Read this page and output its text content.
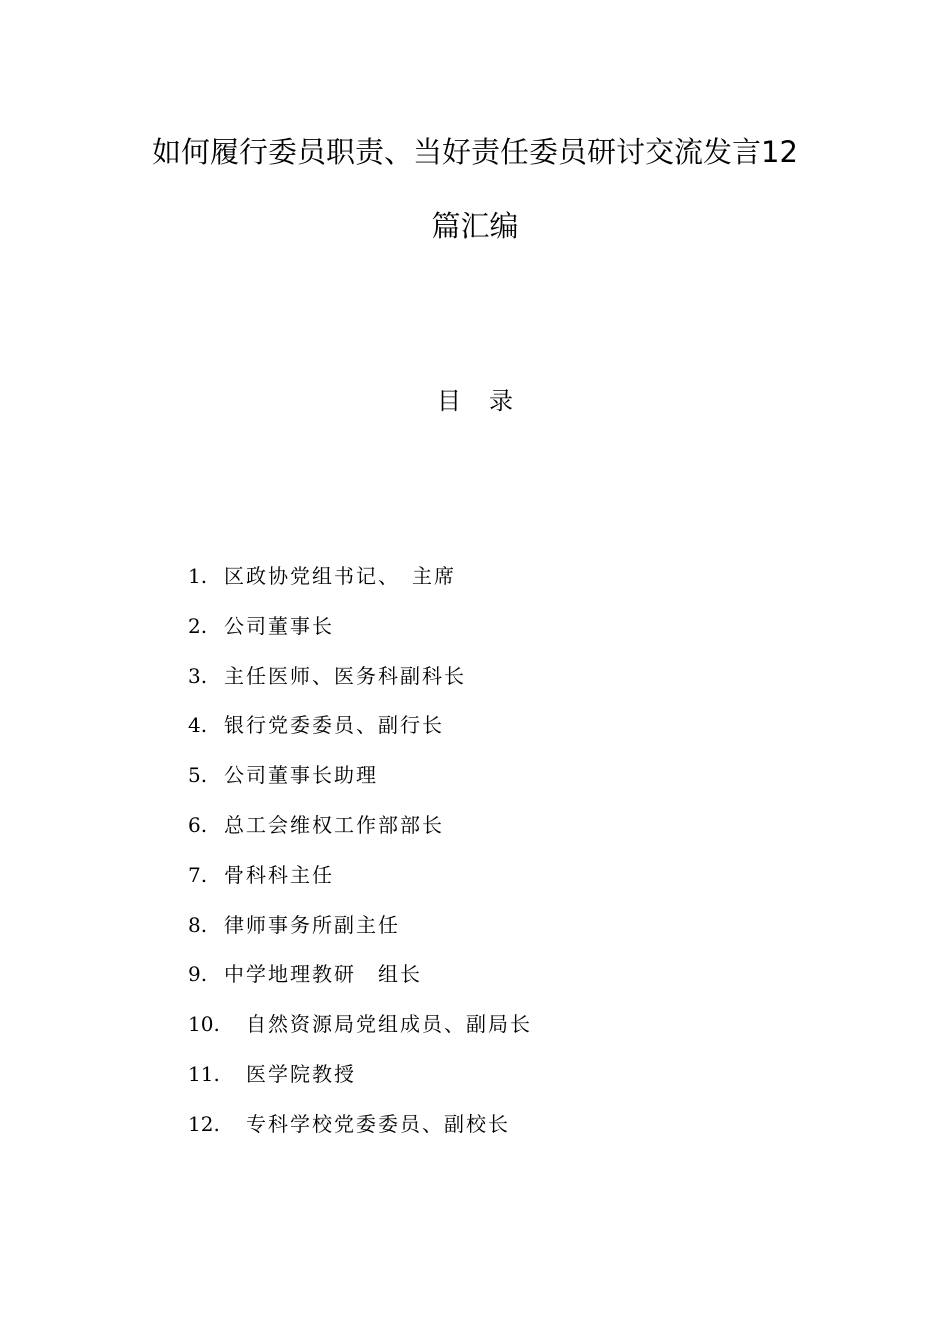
如何履行委员职责、当好责任委员研讨交流发言12
篇汇编
目录
1. 区政协党组书记、　主席
2. 公司董事长
3. 主任医师、医务科副科长
4. 银行党委委员、副行长
5. 公司董事长助理
6. 总工会维权工作部部长
7. 骨科科主任
8. 律师事务所副主任
9. 中学地理教研　组长
10. 自然资源局党组成员、副局长
11. 医学院教授
12. 专科学校党委委员、副校长
